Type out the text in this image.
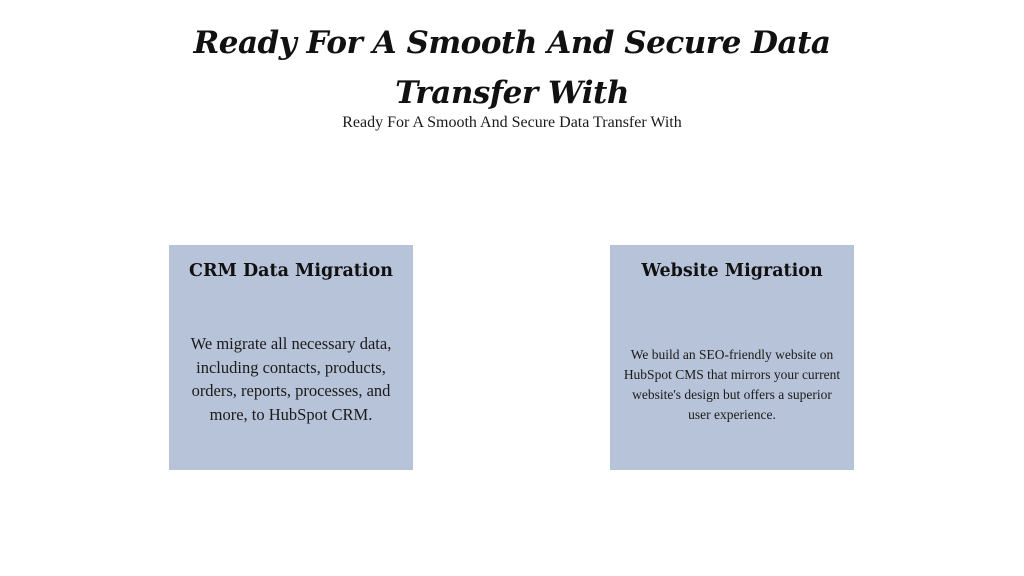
Ready For A Smooth And Secure Data Transfer With
Ready For A Smooth And Secure Data Transfer With
CRM Data Migration
We migrate all necessary data, including contacts, products, orders, reports, processes, and more, to HubSpot CRM.
Website Migration
We build an SEO-friendly website on HubSpot CMS that mirrors your current website's design but offers a superior user experience.
